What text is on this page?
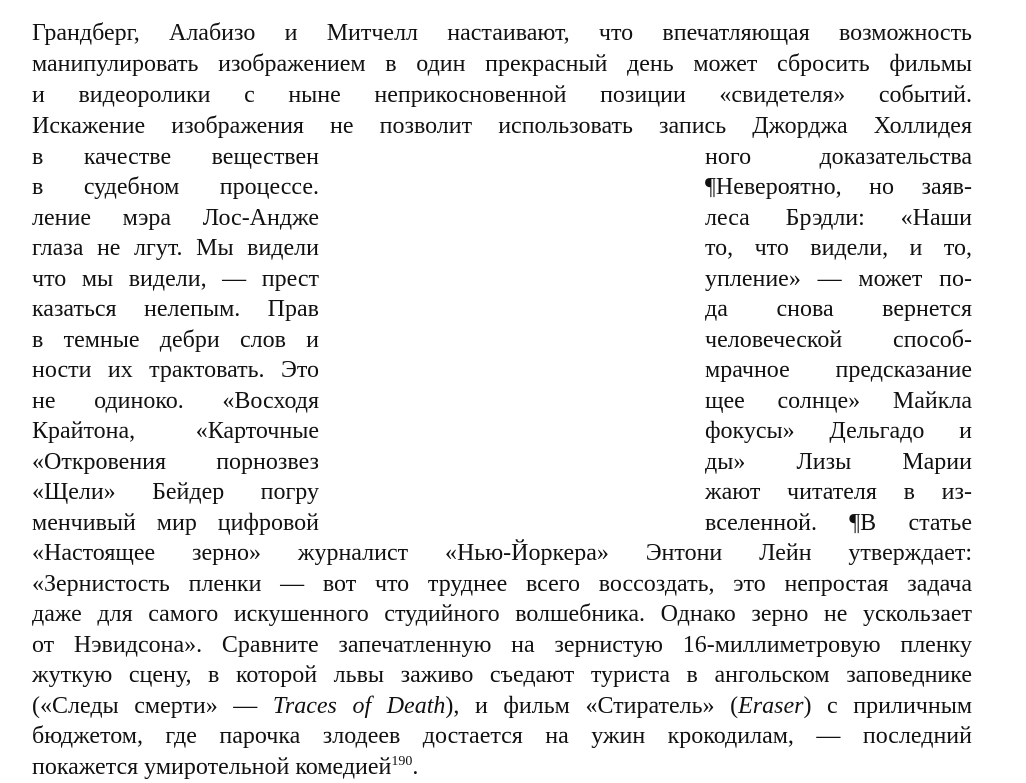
Грандберг, Алабизо и Митчелл настаивают, что впечатляющая возможность
манипулировать изображением в один прекрасный день может сбросить фильмы
и видеоролики с ныне неприкосновенной позиции «свидетеля» событий.
Искажение изображения не позволит использовать запись Джорджа Холлидея
в качестве веществен
в судебном процессе.
ление мэра Лос-Андже
глаза не лгут. Мы видели
что мы видели, — прест
казаться нелепым. Прав
в темные дебри слов и
ности их трактовать. Это
не одиноко. «Восходя
Крайтона, «Карточные
«Откровения порнозвез
«Щели» Бейдер погру
менчивый мир цифровой
ного доказательства
¶Невероятно, но заяв-
леса Брэдли: «Наши
то, что видели, и то,
упление» — может по-
да снова вернется
человеческой способ-
мрачное предсказание
щее солнце» Майкла
фокусы» Дельгадо и
ды» Лизы Марии
жают читателя в из-
вселенной. ¶В статье
«Настоящее зерно» журналист «Нью-Йоркера» Энтони Лейн утверждает:
«Зернистость пленки — вот что труднее всего воссоздать, это непростая задача
даже для самого искушенного студийного волшебника. Однако зерно не ускользает
от Нэвидсона». Сравните запечатленную на зернистую 16-миллиметровую пленку
жуткую сцену, в которой львы заживо съедают туриста в ангольском заповеднике
(«Следы смерти» — Traces of Death), и фильм «Стиратель» (Eraser) с приличным
бюджетом, где парочка злодеев достается на ужин крокодилам, — последний
покажется умиротельной комедией$^{190}$.
